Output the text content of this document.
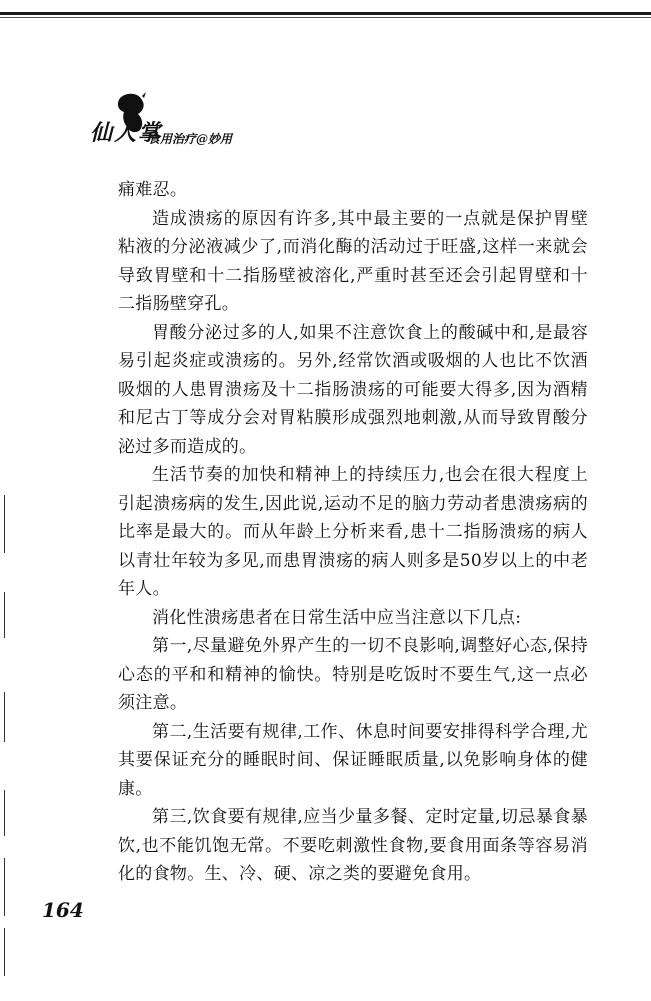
仙人掌
食用治疗@妙用

痛难忍。

造成溃疡的原因有许多,其中最主要的一点就是保护胃壁粘液的分泌液减少了,而消化酶的活动过于旺盛,这样一来就会导致胃壁和十二指肠壁被溶化,严重时甚至还会引起胃壁和十二指肠壁穿孔。

胃酸分泌过多的人,如果不注意饮食上的酸碱中和,是最容易引起炎症或溃疡的。另外,经常饮酒或吸烟的人也比不饮酒吸烟的人患胃溃疡及十二指肠溃疡的可能要大得多,因为酒精和尼古丁等成分会对胃粘膜形成强烈地刺激,从而导致胃酸分泌过多而造成的。

生活节奏的加快和精神上的持续压力,也会在很大程度上引起溃疡病的发生,因此说,运动不足的脑力劳动者患溃疡病的比率是最大的。而从年龄上分析来看,患十二指肠溃疡的病人以青壮年较为多见,而患胃溃疡的病人则多是50岁以上的中老年人。

消化性溃疡患者在日常生活中应当注意以下几点:

第一,尽量避免外界产生的一切不良影响,调整好心态,保持心态的平和和精神的愉快。特别是吃饭时不要生气,这一点必须注意。

第二,生活要有规律,工作、休息时间要安排得科学合理,尤其要保证充分的睡眠时间、保证睡眠质量,以免影响身体的健康。

第三,饮食要有规律,应当少量多餐、定时定量,切忌暴食暴饮,也不能饥饱无常。不要吃刺激性食物,要食用面条等容易消化的食物。生、冷、硬、凉之类的要避免食用。

164
